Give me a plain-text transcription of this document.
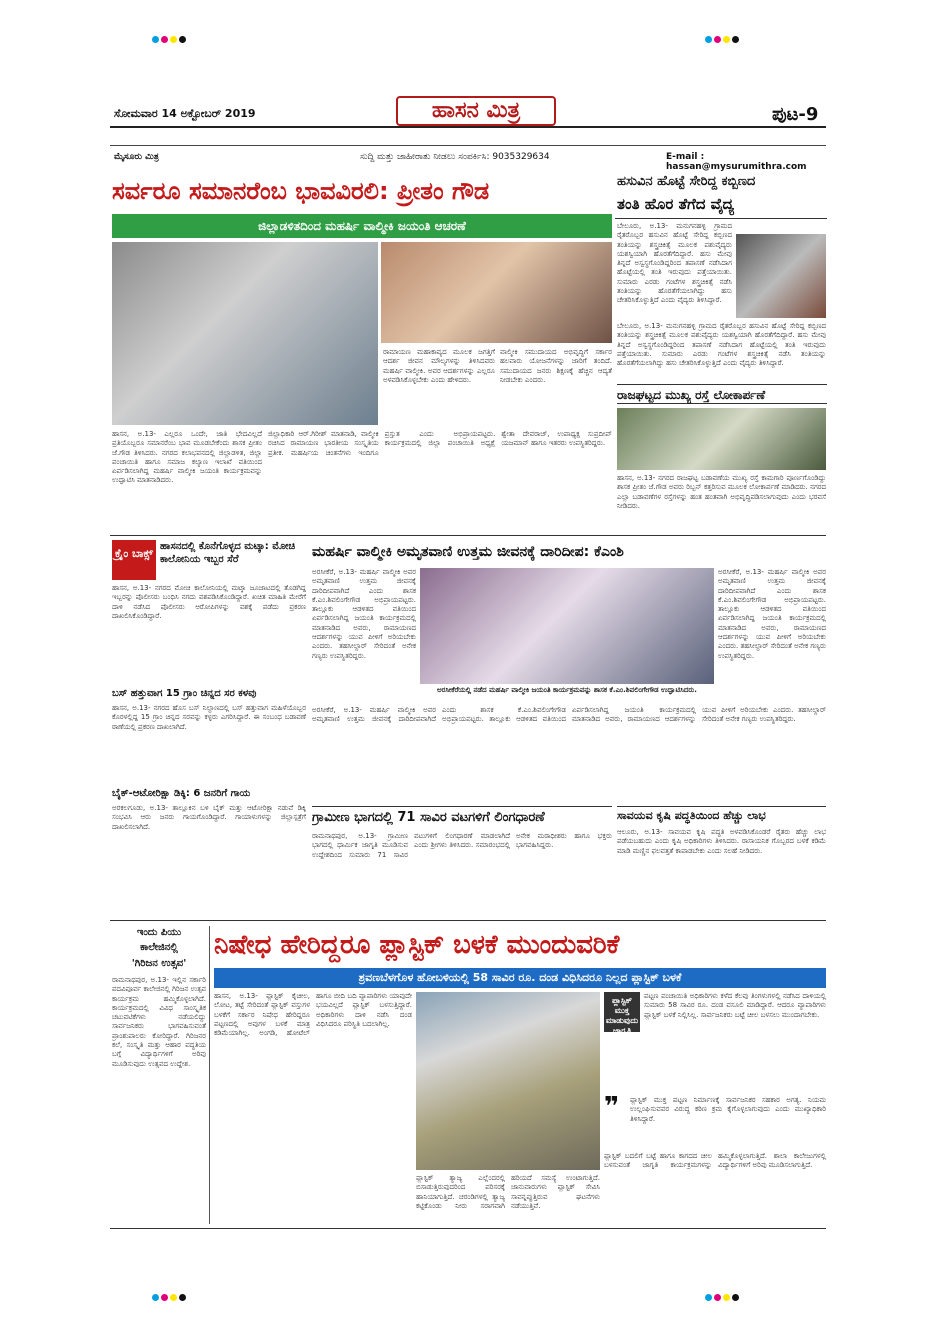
ಸೋಮವಾರ 14 ಅಕ್ಟೋಬರ್ 2019	ಹಾಸನ ಮಿತ್ರ	ಪುಟ-9
ಮೈಸೂರು ಮಿತ್ರ	ಸುದ್ದಿ ಮತ್ತು ಜಾಹೀರಾತು ನೀಡಲು ಸಂಪರ್ಕಿಸಿ: 9035329634	E-mail : hassan@mysurumithra.com
ಸರ್ವರೂ ಸಮಾನರೆಂಬ ಭಾವವಿರಲಿ: ಪ್ರೀತಂ ಗೌಡ
ಜಿಲ್ಲಾಡಳಿತದಿಂದ ಮಹರ್ಷಿ ವಾಲ್ಮೀಕಿ ಜಯಂತಿ ಆಚರಣೆ
ರಾಮಾಯಣ ಮಹಾಕಾವ್ಯದ ಮೂಲಕ ಜಗತ್ತಿಗೆ ಆದರ್ಶ ಜೀವನ ಮೌಲ್ಯಗಳನ್ನು ತಿಳಿಸಿದವರು ಮಹರ್ಷಿ ವಾಲ್ಮೀಕಿ. ಅವರ ಆದರ್ಶಗಳನ್ನು ಎಲ್ಲರೂ ಅಳವಡಿಸಿಕೊಳ್ಳಬೇಕು ಎಂದು ಹೇಳಿದರು.
ವಾಲ್ಮೀಕಿ ಸಮುದಾಯದ ಅಭಿವೃದ್ಧಿಗೆ ಸರ್ಕಾರ ಹಲವಾರು ಯೋಜನೆಗಳನ್ನು ಜಾರಿಗೆ ತಂದಿದೆ. ಸಮುದಾಯದ ಜನರು ಶಿಕ್ಷಣಕ್ಕೆ ಹೆಚ್ಚಿನ ಆದ್ಯತೆ ನೀಡಬೇಕು ಎಂದರು.
ಹಾಸನ, ಅ.13- ಎಲ್ಲರೂ ಒಂದೇ, ಜಾತಿ ಭೇದವಿಲ್ಲದೆ ಪ್ರತಿಯೊಬ್ಬರೂ ಸಮಾನರೆಂಬ ಭಾವ ಮೂಡಬೇಕೆಂದು ಶಾಸಕ ಪ್ರೀತಂ ಜೆ.ಗೌಡ ತಿಳಿಸಿದರು. ನಗರದ ಕಲಾಭವನದಲ್ಲಿ ಜಿಲ್ಲಾಡಳಿತ, ಜಿಲ್ಲಾ ಪಂಚಾಯಿತಿ ಹಾಗೂ ಸಮಾಜ ಕಲ್ಯಾಣ ಇಲಾಖೆ ವತಿಯಿಂದ ಏರ್ಪಡಿಸಲಾಗಿದ್ದ ಮಹರ್ಷಿ ವಾಲ್ಮೀಕಿ ಜಯಂತಿ ಕಾರ್ಯಕ್ರಮವನ್ನು ಉದ್ಘಾಟಿಸಿ ಮಾತನಾಡಿದರು.
ಜಿಲ್ಲಾಧಿಕಾರಿ ಆರ್.ಗಿರೀಶ್ ಮಾತನಾಡಿ, ವಾಲ್ಮೀಕಿ ರಚಿಸಿದ ರಾಮಾಯಣ ಭಾರತೀಯ ಸಂಸ್ಕೃತಿಯ ಪ್ರತೀಕ. ಮಹರ್ಷಿಯ ಚಿಂತನೆಗಳು ಇಂದಿಗೂ ಪ್ರಸ್ತುತ ಎಂದು ಅಭಿಪ್ರಾಯಪಟ್ಟರು. ಕಾರ್ಯಕ್ರಮದಲ್ಲಿ ಜಿಲ್ಲಾ ಪಂಚಾಯಿತಿ ಅಧ್ಯಕ್ಷೆ ಶ್ವೇತಾ ದೇವರಾಜ್, ಉಪಾಧ್ಯಕ್ಷ ಸುಪ್ರದೀಪ್ ಯಜಮಾನ್ ಹಾಗೂ ಇತರರು ಉಪಸ್ಥಿತರಿದ್ದರು.
ಹಸುವಿನ ಹೊಟ್ಟೆ ಸೇರಿದ್ದ ಕಬ್ಬಿಣದ
ತಂತಿ ಹೊರ ತೆಗೆದ ವೈದ್ಯ
ಬೇಲೂರು, ಅ.13- ಮನುಗನಹಳ್ಳಿ ಗ್ರಾಮದ ರೈತರೊಬ್ಬರ ಹಸುವಿನ ಹೊಟ್ಟೆ ಸೇರಿದ್ದ ಕಬ್ಬಿಣದ ತಂತಿಯನ್ನು ಶಸ್ತ್ರಚಿಕಿತ್ಸೆ ಮೂಲಕ ಪಶುವೈದ್ಯರು ಯಶಸ್ವಿಯಾಗಿ ಹೊರತೆಗೆದಿದ್ದಾರೆ. ಹಸು ಮೇವು ತಿನ್ನದೆ ಅಸ್ವಸ್ಥಗೊಂಡಿದ್ದರಿಂದ ತಪಾಸಣೆ ನಡೆಸಿದಾಗ ಹೊಟ್ಟೆಯಲ್ಲಿ ತಂತಿ ಇರುವುದು ಪತ್ತೆಯಾಯಿತು. ಸುಮಾರು ಎರಡು ಗಂಟೆಗಳ ಶಸ್ತ್ರಚಿಕಿತ್ಸೆ ನಡೆಸಿ ತಂತಿಯನ್ನು ಹೊರತೆಗೆಯಲಾಗಿದ್ದು ಹಸು ಚೇತರಿಸಿಕೊಳ್ಳುತ್ತಿದೆ ಎಂದು ವೈದ್ಯರು ತಿಳಿಸಿದ್ದಾರೆ.
ಬೇಲೂರು, ಅ.13- ಮನುಗನಹಳ್ಳಿ ಗ್ರಾಮದ ರೈತರೊಬ್ಬರ ಹಸುವಿನ ಹೊಟ್ಟೆ ಸೇರಿದ್ದ ಕಬ್ಬಿಣದ ತಂತಿಯನ್ನು ಶಸ್ತ್ರಚಿಕಿತ್ಸೆ ಮೂಲಕ ಪಶುವೈದ್ಯರು ಯಶಸ್ವಿಯಾಗಿ ಹೊರತೆಗೆದಿದ್ದಾರೆ. ಹಸು ಮೇವು ತಿನ್ನದೆ ಅಸ್ವಸ್ಥಗೊಂಡಿದ್ದರಿಂದ ತಪಾಸಣೆ ನಡೆಸಿದಾಗ ಹೊಟ್ಟೆಯಲ್ಲಿ ತಂತಿ ಇರುವುದು ಪತ್ತೆಯಾಯಿತು. ಸುಮಾರು ಎರಡು ಗಂಟೆಗಳ ಶಸ್ತ್ರಚಿಕಿತ್ಸೆ ನಡೆಸಿ ತಂತಿಯನ್ನು ಹೊರತೆಗೆಯಲಾಗಿದ್ದು ಹಸು ಚೇತರಿಸಿಕೊಳ್ಳುತ್ತಿದೆ ಎಂದು ವೈದ್ಯರು ತಿಳಿಸಿದ್ದಾರೆ.
ರಾಜಘಟ್ಟದ ಮುಖ್ಯ ರಸ್ತೆ ಲೋಕಾರ್ಪಣೆ
ಹಾಸನ, ಅ.13- ನಗರದ ರಾಜಘಟ್ಟ ಬಡಾವಣೆಯ ಮುಖ್ಯ ರಸ್ತೆ ಕಾಮಗಾರಿ ಪೂರ್ಣಗೊಂಡಿದ್ದು ಶಾಸಕ ಪ್ರೀತಂ ಜೆ.ಗೌಡ ಅವರು ರಿಬ್ಬನ್ ಕತ್ತರಿಸುವ ಮೂಲಕ ಲೋಕಾರ್ಪಣೆ ಮಾಡಿದರು. ನಗರದ ಎಲ್ಲಾ ಬಡಾವಣೆಗಳ ರಸ್ತೆಗಳನ್ನು ಹಂತ ಹಂತವಾಗಿ ಅಭಿವೃದ್ಧಿಪಡಿಸಲಾಗುವುದು ಎಂದು ಭರವಸೆ ನೀಡಿದರು.
ಕ್ರೈಂ ಬಾಕ್ಸ್
ಹಾಸನದಲ್ಲಿ ಕೊನೆಗೊಳ್ಳದ ಮಟ್ಕಾ: ಮೋಚಿ ಕಾಲೋನಿಯ ಇಬ್ಬರ ಸೆರೆ
ಹಾಸನ, ಅ.13- ನಗರದ ಮೋಚಿ ಕಾಲೋನಿಯಲ್ಲಿ ಮಟ್ಕಾ ಜೂಜಾಟದಲ್ಲಿ ತೊಡಗಿದ್ದ ಇಬ್ಬರನ್ನು ಪೊಲೀಸರು ಬಂಧಿಸಿ ನಗದು ವಶಪಡಿಸಿಕೊಂಡಿದ್ದಾರೆ. ಖಚಿತ ಮಾಹಿತಿ ಮೇರೆಗೆ ದಾಳಿ ನಡೆಸಿದ ಪೊಲೀಸರು ಆರೋಪಿಗಳನ್ನು ವಶಕ್ಕೆ ಪಡೆದು ಪ್ರಕರಣ ದಾಖಲಿಸಿಕೊಂಡಿದ್ದಾರೆ.
ಬಸ್ ಹತ್ತುವಾಗ 15 ಗ್ರಾಂ ಚಿನ್ನದ ಸರ ಕಳವು
ಹಾಸನ, ಅ.13- ನಗರದ ಹೊಸ ಬಸ್ ನಿಲ್ದಾಣದಲ್ಲಿ ಬಸ್ ಹತ್ತುವಾಗ ಮಹಿಳೆಯೊಬ್ಬರ ಕೊರಳಲ್ಲಿದ್ದ 15 ಗ್ರಾಂ ಚಿನ್ನದ ಸರವನ್ನು ಕಳ್ಳರು ಎಗರಿಸಿದ್ದಾರೆ. ಈ ಸಂಬಂಧ ಬಡಾವಣೆ ಠಾಣೆಯಲ್ಲಿ ಪ್ರಕರಣ ದಾಖಲಾಗಿದೆ.
ಬೈಕ್-ಆಟೋರಿಕ್ಷಾ ಡಿಕ್ಕಿ: 6 ಜನರಿಗೆ ಗಾಯ
ಅರಕಲಗೂಡು, ಅ.13- ತಾಲ್ಲೂಕಿನ ಬಳಿ ಬೈಕ್ ಮತ್ತು ಆಟೋರಿಕ್ಷಾ ನಡುವೆ ಡಿಕ್ಕಿ ಸಂಭವಿಸಿ ಆರು ಜನರು ಗಾಯಗೊಂಡಿದ್ದಾರೆ. ಗಾಯಾಳುಗಳನ್ನು ಜಿಲ್ಲಾಸ್ಪತ್ರೆಗೆ ದಾಖಲಿಸಲಾಗಿದೆ.
ಮಹರ್ಷಿ ವಾಲ್ಮೀಕಿ ಅಮೃತವಾಣಿ ಉತ್ತಮ ಜೀವನಕ್ಕೆ ದಾರಿದೀಪ: ಕೆಎಂಶಿ
ಅರಸೀಕೆರೆ, ಅ.13- ಮಹರ್ಷಿ ವಾಲ್ಮೀಕಿ ಅವರ ಅಮೃತವಾಣಿ ಉತ್ತಮ ಜೀವನಕ್ಕೆ ದಾರಿದೀಪವಾಗಿದೆ ಎಂದು ಶಾಸಕ ಕೆ.ಎಂ.ಶಿವಲಿಂಗೇಗೌಡ ಅಭಿಪ್ರಾಯಪಟ್ಟರು. ತಾಲ್ಲೂಕು ಆಡಳಿತದ ವತಿಯಿಂದ ಏರ್ಪಡಿಸಲಾಗಿದ್ದ ಜಯಂತಿ ಕಾರ್ಯಕ್ರಮದಲ್ಲಿ ಮಾತನಾಡಿದ ಅವರು, ರಾಮಾಯಣದ ಆದರ್ಶಗಳನ್ನು ಯುವ ಪೀಳಿಗೆ ಅರಿಯಬೇಕು ಎಂದರು. ತಹಸೀಲ್ದಾರ್ ಸೇರಿದಂತೆ ಅನೇಕ ಗಣ್ಯರು ಉಪಸ್ಥಿತರಿದ್ದರು.
ಅರಸೀಕೆರೆಯಲ್ಲಿ ನಡೆದ ಮಹರ್ಷಿ ವಾಲ್ಮೀಕಿ ಜಯಂತಿ ಕಾರ್ಯಕ್ರಮವನ್ನು ಶಾಸಕ ಕೆ.ಎಂ.ಶಿವಲಿಂಗೇಗೌಡ ಉದ್ಘಾಟಿಸಿದರು.
ಅರಸೀಕೆರೆ, ಅ.13- ಮಹರ್ಷಿ ವಾಲ್ಮೀಕಿ ಅವರ ಅಮೃತವಾಣಿ ಉತ್ತಮ ಜೀವನಕ್ಕೆ ದಾರಿದೀಪವಾಗಿದೆ ಎಂದು ಶಾಸಕ ಕೆ.ಎಂ.ಶಿವಲಿಂಗೇಗೌಡ ಅಭಿಪ್ರಾಯಪಟ್ಟರು. ತಾಲ್ಲೂಕು ಆಡಳಿತದ ವತಿಯಿಂದ ಏರ್ಪಡಿಸಲಾಗಿದ್ದ ಜಯಂತಿ ಕಾರ್ಯಕ್ರಮದಲ್ಲಿ ಮಾತನಾಡಿದ ಅವರು, ರಾಮಾಯಣದ ಆದರ್ಶಗಳನ್ನು ಯುವ ಪೀಳಿಗೆ ಅರಿಯಬೇಕು ಎಂದರು. ತಹಸೀಲ್ದಾರ್ ಸೇರಿದಂತೆ ಅನೇಕ ಗಣ್ಯರು ಉಪಸ್ಥಿತರಿದ್ದರು.
ಅರಸೀಕೆರೆ, ಅ.13- ಮಹರ್ಷಿ ವಾಲ್ಮೀಕಿ ಅವರ ಅಮೃತವಾಣಿ ಉತ್ತಮ ಜೀವನಕ್ಕೆ ದಾರಿದೀಪವಾಗಿದೆ ಎಂದು ಶಾಸಕ ಕೆ.ಎಂ.ಶಿವಲಿಂಗೇಗೌಡ ಅಭಿಪ್ರಾಯಪಟ್ಟರು. ತಾಲ್ಲೂಕು ಆಡಳಿತದ ವತಿಯಿಂದ ಏರ್ಪಡಿಸಲಾಗಿದ್ದ ಜಯಂತಿ ಕಾರ್ಯಕ್ರಮದಲ್ಲಿ ಮಾತನಾಡಿದ ಅವರು, ರಾಮಾಯಣದ ಆದರ್ಶಗಳನ್ನು ಯುವ ಪೀಳಿಗೆ ಅರಿಯಬೇಕು ಎಂದರು. ತಹಸೀಲ್ದಾರ್ ಸೇರಿದಂತೆ ಅನೇಕ ಗಣ್ಯರು ಉಪಸ್ಥಿತರಿದ್ದರು.
ಗ್ರಾಮೀಣ ಭಾಗದಲ್ಲಿ 71 ಸಾವಿರ ವಟಗಳಿಗೆ ಲಿಂಗಧಾರಣೆ
ರಾಮನಾಥಪುರ, ಅ.13- ಗ್ರಾಮೀಣ ಭಾಗದಲ್ಲಿ ಧಾರ್ಮಿಕ ಜಾಗೃತಿ ಮೂಡಿಸುವ ಉದ್ದೇಶದಿಂದ ಸುಮಾರು 71 ಸಾವಿರ ವಟುಗಳಿಗೆ ಲಿಂಗಧಾರಣೆ ಮಾಡಲಾಗಿದೆ ಎಂದು ಶ್ರೀಗಳು ತಿಳಿಸಿದರು. ಸಮಾರಂಭದಲ್ಲಿ ಅನೇಕ ಮಠಾಧೀಶರು ಹಾಗೂ ಭಕ್ತರು ಭಾಗವಹಿಸಿದ್ದರು.
ಸಾವಯವ ಕೃಷಿ ಪದ್ಧತಿಯಿಂದ ಹೆಚ್ಚು ಲಾಭ
ಆಲೂರು, ಅ.13- ಸಾವಯವ ಕೃಷಿ ಪದ್ಧತಿ ಅಳವಡಿಸಿಕೊಂಡರೆ ರೈತರು ಹೆಚ್ಚು ಲಾಭ ಪಡೆಯಬಹುದು ಎಂದು ಕೃಷಿ ಅಧಿಕಾರಿಗಳು ತಿಳಿಸಿದರು. ರಾಸಾಯನಿಕ ಗೊಬ್ಬರದ ಬಳಕೆ ಕಡಿಮೆ ಮಾಡಿ ಮಣ್ಣಿನ ಫಲವತ್ತತೆ ಕಾಪಾಡಬೇಕು ಎಂದು ಸಲಹೆ ನೀಡಿದರು.
ಇಂದು ಪಿಯು
ಕಾಲೇಜಿನಲ್ಲಿ
'ಗಿರಿಜನ ಉತ್ಸವ'
ರಾಮನಾಥಪುರ, ಅ.13- ಇಲ್ಲಿನ ಸರ್ಕಾರಿ ಪದವಿಪೂರ್ವ ಕಾಲೇಜಿನಲ್ಲಿ ಗಿರಿಜನ ಉತ್ಸವ ಕಾರ್ಯಕ್ರಮ ಹಮ್ಮಿಕೊಳ್ಳಲಾಗಿದೆ. ಕಾರ್ಯಕ್ರಮದಲ್ಲಿ ವಿವಿಧ ಸಾಂಸ್ಕೃತಿಕ ಚಟುವಟಿಕೆಗಳು ನಡೆಯಲಿದ್ದು ಸಾರ್ವಜನಿಕರು ಭಾಗವಹಿಸುವಂತೆ ಪ್ರಾಂಶುಪಾಲರು ಕೋರಿದ್ದಾರೆ. ಗಿರಿಜನರ ಕಲೆ, ಸಂಸ್ಕೃತಿ ಮತ್ತು ಆಹಾರ ಪದ್ಧತಿಯ ಬಗ್ಗೆ ವಿದ್ಯಾರ್ಥಿಗಳಿಗೆ ಅರಿವು ಮೂಡಿಸುವುದು ಉತ್ಸವದ ಉದ್ದೇಶ.
ನಿಷೇಧ ಹೇರಿದ್ದರೂ ಪ್ಲಾಸ್ಟಿಕ್ ಬಳಕೆ ಮುಂದುವರಿಕೆ
ಶ್ರವಣಬೆಳಗೊಳ ಹೋಬಳಿಯಲ್ಲಿ 58 ಸಾವಿರ ರೂ. ದಂಡ ವಿಧಿಸಿದರೂ ನಿಲ್ಲದ ಪ್ಲಾಸ್ಟಿಕ್ ಬಳಕೆ
ಹಾಸನ, ಅ.13- ಪ್ಲಾಸ್ಟಿಕ್ ಕೈಚೀಲ, ಲೋಟ, ತಟ್ಟೆ ಸೇರಿದಂತೆ ಪ್ಲಾಸ್ಟಿಕ್ ವಸ್ತುಗಳ ಬಳಕೆಗೆ ಸರ್ಕಾರ ನಿಷೇಧ ಹೇರಿದ್ದರೂ ಪಟ್ಟಣದಲ್ಲಿ ಅವುಗಳ ಬಳಕೆ ಮಾತ್ರ ಕಡಿಮೆಯಾಗಿಲ್ಲ. ಅಂಗಡಿ, ಹೋಟೆಲ್ ಹಾಗೂ ಬೀದಿ ಬದಿ ವ್ಯಾಪಾರಿಗಳು ಯಾವುದೇ ಭಯವಿಲ್ಲದೆ ಪ್ಲಾಸ್ಟಿಕ್ ಬಳಸುತ್ತಿದ್ದಾರೆ. ಅಧಿಕಾರಿಗಳು ದಾಳಿ ನಡೆಸಿ ದಂಡ ವಿಧಿಸಿದರೂ ಪರಿಸ್ಥಿತಿ ಬದಲಾಗಿಲ್ಲ.
ಪ್ಲಾಸ್ಟಿಕ್ ತ್ಯಾಜ್ಯ ಎಲ್ಲೆಂದರಲ್ಲಿ ಬಿಸಾಡುತ್ತಿರುವುದರಿಂದ ಪರಿಸರಕ್ಕೆ ಹಾನಿಯಾಗುತ್ತಿದೆ. ಚರಂಡಿಗಳಲ್ಲಿ ತ್ಯಾಜ್ಯ ಕಟ್ಟಿಕೊಂಡು ನೀರು ಸರಾಗವಾಗಿ ಹರಿಯದೆ ಸಮಸ್ಯೆ ಉಂಟಾಗುತ್ತಿದೆ. ಜಾನುವಾರುಗಳು ಪ್ಲಾಸ್ಟಿಕ್ ಸೇವಿಸಿ ಸಾವನ್ನಪ್ಪುತ್ತಿರುವ ಘಟನೆಗಳು ನಡೆಯುತ್ತಿವೆ.
ಪ್ಲಾಸ್ಟಿಕ್ ಮುಕ್ತ ಮಾಡುವುದು ಜಾಗೃತಿ
ಪಟ್ಟಣ ಪಂಚಾಯಿತಿ ಅಧಿಕಾರಿಗಳು ಕಳೆದ ಕೆಲವು ತಿಂಗಳುಗಳಲ್ಲಿ ನಡೆಸಿದ ದಾಳಿಯಲ್ಲಿ ಸುಮಾರು 58 ಸಾವಿರ ರೂ. ದಂಡ ವಸೂಲಿ ಮಾಡಿದ್ದಾರೆ. ಆದರೂ ವ್ಯಾಪಾರಿಗಳು ಪ್ಲಾಸ್ಟಿಕ್ ಬಳಕೆ ನಿಲ್ಲಿಸಿಲ್ಲ. ಸಾರ್ವಜನಿಕರು ಬಟ್ಟೆ ಚೀಲ ಬಳಸಲು ಮುಂದಾಗಬೇಕು.
❞	ಪ್ಲಾಸ್ಟಿಕ್ ಮುಕ್ತ ಪಟ್ಟಣ ನಿರ್ಮಾಣಕ್ಕೆ ಸಾರ್ವಜನಿಕರ ಸಹಕಾರ ಅಗತ್ಯ. ನಿಯಮ ಉಲ್ಲಂಘಿಸುವವರ ವಿರುದ್ಧ ಕಠಿಣ ಕ್ರಮ ಕೈಗೊಳ್ಳಲಾಗುವುದು ಎಂದು ಮುಖ್ಯಾಧಿಕಾರಿ ತಿಳಿಸಿದ್ದಾರೆ.
ಪ್ಲಾಸ್ಟಿಕ್ ಬದಲಿಗೆ ಬಟ್ಟೆ ಹಾಗೂ ಕಾಗದದ ಚೀಲ ಬಳಸುವಂತೆ ಜಾಗೃತಿ ಕಾರ್ಯಕ್ರಮಗಳನ್ನು ಹಮ್ಮಿಕೊಳ್ಳಲಾಗುತ್ತಿದೆ. ಶಾಲಾ ಕಾಲೇಜುಗಳಲ್ಲಿ ವಿದ್ಯಾರ್ಥಿಗಳಿಗೆ ಅರಿವು ಮೂಡಿಸಲಾಗುತ್ತಿದೆ.
